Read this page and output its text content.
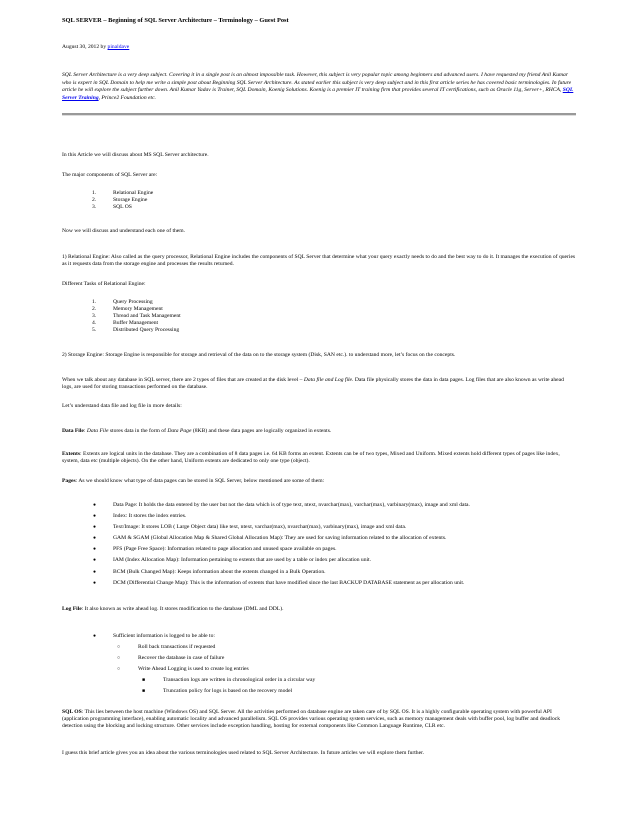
SQL SERVER – Beginning of SQL Server Architecture – Terminology – Guest Post
August 30, 2012 by pinaldave
SQL Server Architecture is a very deep subject. Covering it in a single post is an almost impossible task. However, this subject is very popular topic among beginners and advanced users. I have requested my friend Anil Kumar who is expert in SQL Domain to help me write a simple post about Beginning SQL Server Architecture. As stated earlier this subject is very deep subject and in this first article series he has covered basic terminologies. In future article he will explore the subject further down. Anil Kumar Yadav is Trainer, SQL Domain, Koenig Solutions. Koenig is a premier IT training firm that provides several IT certifications, such as Oracle 11g, Server+, RHCA, SQL Server Training, Prince2 Foundation etc.
In this Article we will discuss about MS SQL Server architecture.
The major components of SQL Server are:
1.	Relational Engine
2.	Storage Engine
3.	SQL OS
Now we will discuss and understand each one of them.
1) Relational Engine: Also called as the query processor, Relational Engine includes the components of SQL Server that determine what your query exactly needs to do and the best way to do it. It manages the execution of queries as it requests data from the storage engine and processes the results returned.
Different Tasks of Relational Engine:
1.	Query Processing
2.	Memory Management
3.	Thread and Task Management
4.	Buffer Management
5.	Distributed Query Processing
2) Storage Engine: Storage Engine is responsible for storage and retrieval of the data on to the storage system (Disk, SAN etc.). to understand more, let’s focus on the concepts.
When we talk about any database in SQL server, there are 2 types of files that are created at the disk level – Data file and Log file. Data file physically stores the data in data pages. Log files that are also known as write ahead logs, are used for storing transactions performed on the database.
Let’s understand data file and log file in more details:
Data File: Data File stores data in the form of Data Page (8KB) and these data pages are logically organized in extents.
Extents: Extents are logical units in the database. They are a combination of 8 data pages i.e. 64 KB forms an extent. Extents can be of two types, Mixed and Uniform. Mixed extents hold different types of pages like index, system, data etc (multiple objects). On the other hand, Uniform extents are dedicated to only one type (object).
Pages: As we should know what type of data pages can be stored in SQL Server, below mentioned are some of them:
●	Data Page: It holds the data entered by the user but not the data which is of type text, ntext, nvarchar(max), varchar(max), varbinary(max), image and xml data.
●	Index: It stores the index entries.
●	Text/Image: It stores LOB ( Large Object data) like text, ntext, varchar(max), nvarchar(max), varbinary(max), image and xml data.
●	GAM & SGAM (Global Allocation Map & Shared Global Allocation Map): They are used for saving information related to the allocation of extents.
●	PFS (Page Free Space): Information related to page allocation and unused space available on pages.
●	IAM (Index Allocation Map): Information pertaining to extents that are used by a table or index per allocation unit.
●	BCM (Bulk Changed Map): Keeps information about the extents changed in a Bulk Operation.
●	DCM (Differential Change Map): This is the information of extents that have modified since the last BACKUP DATABASE statement as per allocation unit.
Log File: It also known as write ahead log. It stores modification to the database (DML and DDL).
●	Sufficient information is logged to be able to:
○	Roll back transactions if requested
○	Recover the database in case of failure
○	Write Ahead Logging is used to create log entries
■	Transaction logs are written in chronological order in a circular way
■	Truncation policy for logs is based on the recovery model
SQL OS: This lies between the host machine (Windows OS) and SQL Server. All the activities performed on database engine are taken care of by SQL OS. It is a highly configurable operating system with powerful API (application programming interface), enabling automatic locality and advanced parallelism. SQL OS provides various operating system services, such as memory management deals with buffer pool, log buffer and deadlock detection using the blocking and locking structure. Other services include exception handling, hosting for external components like Common Language Runtime, CLR etc.
I guess this brief article gives you an idea about the various terminologies used related to SQL Server Architecture. In future articles we will explore them further.
